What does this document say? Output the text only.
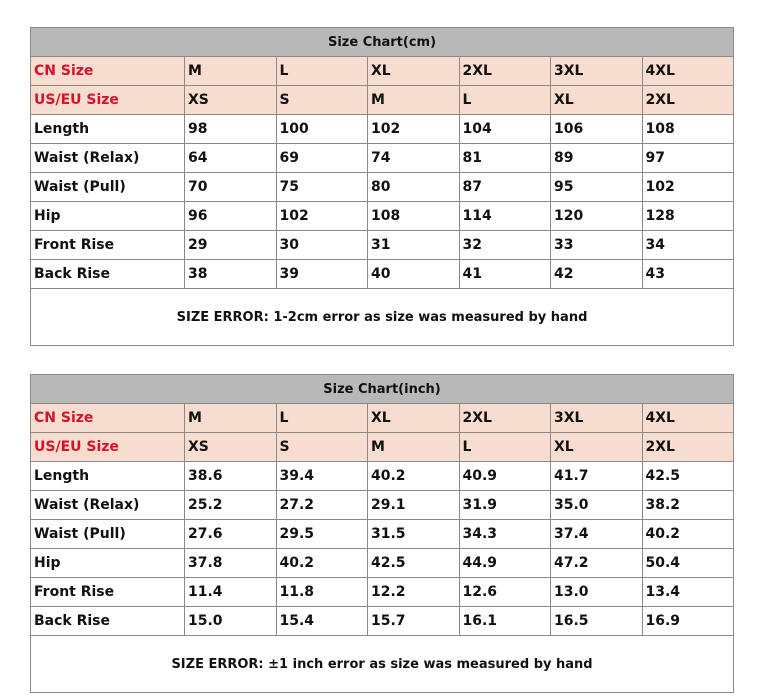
Size Chart(cm)						
CN Size	M	L	XL	2XL	3XL	4XL
US/EU Size	XS	S	M	L	XL	2XL
Length	98	100	102	104	106	108
Waist (Relax)	64	69	74	81	89	97
Waist (Pull)	70	75	80	87	95	102
Hip	96	102	108	114	120	128
Front Rise	29	30	31	32	33	34
Back Rise	38	39	40	41	42	43
SIZE ERROR: 1-2cm error as size was measured by hand						
Size Chart(inch)						
CN Size	M	L	XL	2XL	3XL	4XL
US/EU Size	XS	S	M	L	XL	2XL
Length	38.6	39.4	40.2	40.9	41.7	42.5
Waist (Relax)	25.2	27.2	29.1	31.9	35.0	38.2
Waist (Pull)	27.6	29.5	31.5	34.3	37.4	40.2
Hip	37.8	40.2	42.5	44.9	47.2	50.4
Front Rise	11.4	11.8	12.2	12.6	13.0	13.4
Back Rise	15.0	15.4	15.7	16.1	16.5	16.9
SIZE ERROR: ±1 inch error as size was measured by hand						
